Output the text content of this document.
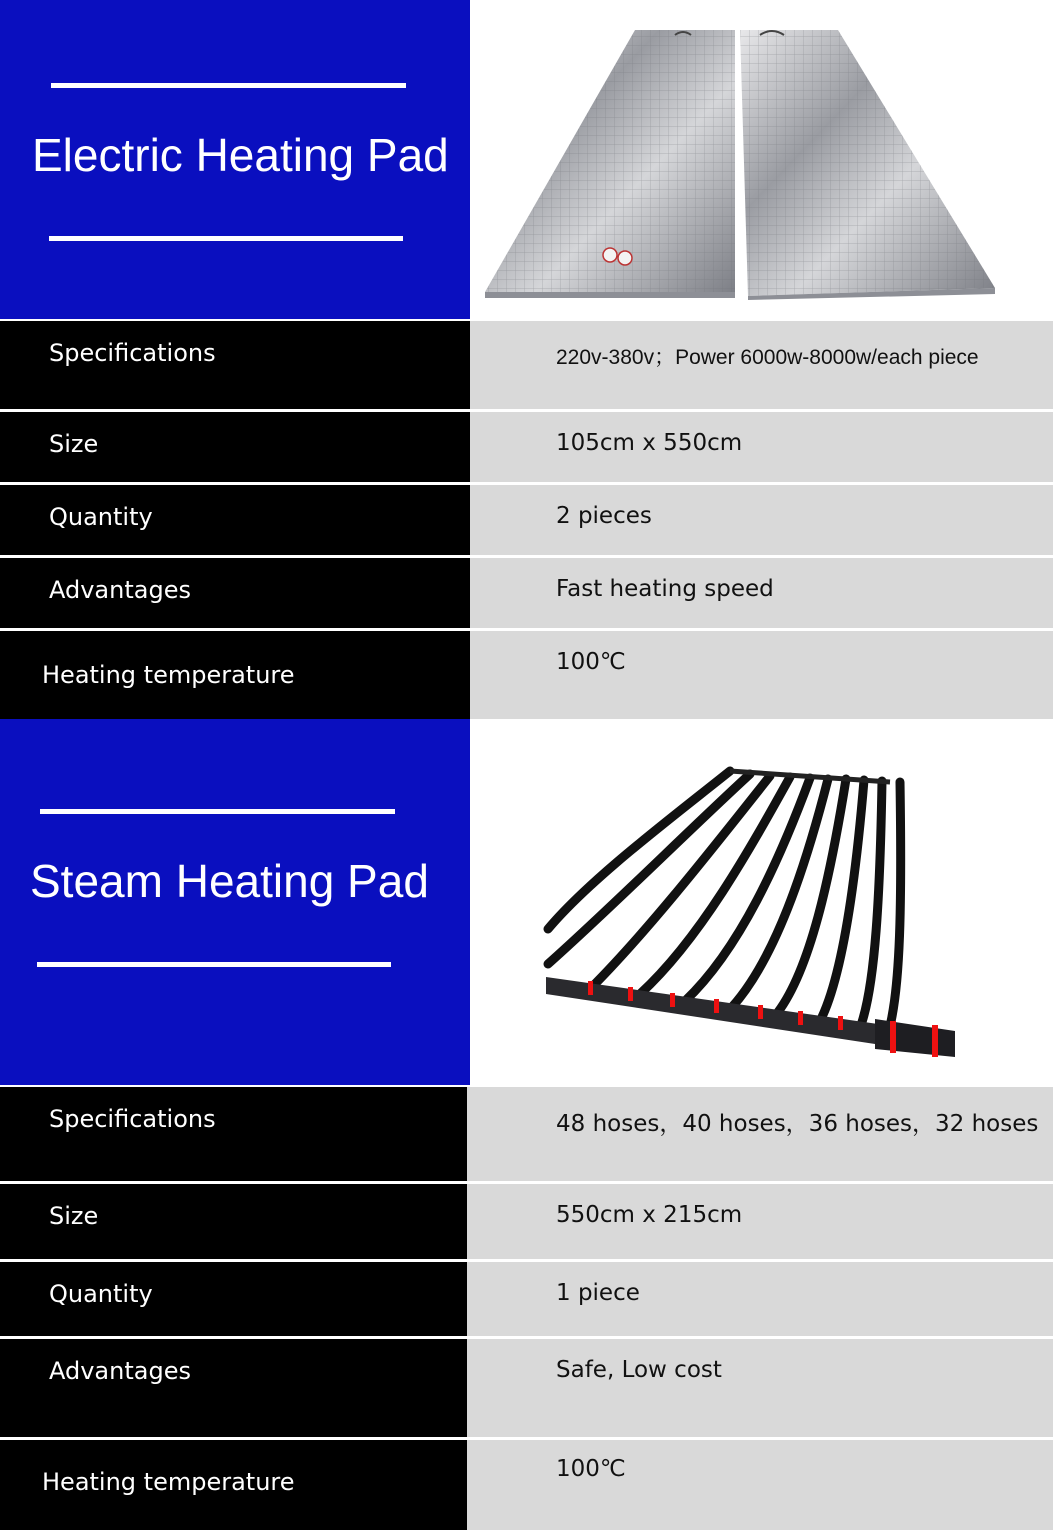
Electric Heating Pad
Specifications	220v-380v；Power 6000w-8000w/each piece
Size	105cm x 550cm
Quantity	2 pieces
Advantages	Fast heating speed
Heating temperature	100℃
Steam Heating Pad
Specifications	48 hoses，40 hoses，36 hoses，32 hoses
Size	550cm x 215cm
Quantity	1 piece
Advantages	Safe, Low cost
Heating temperature	100℃
